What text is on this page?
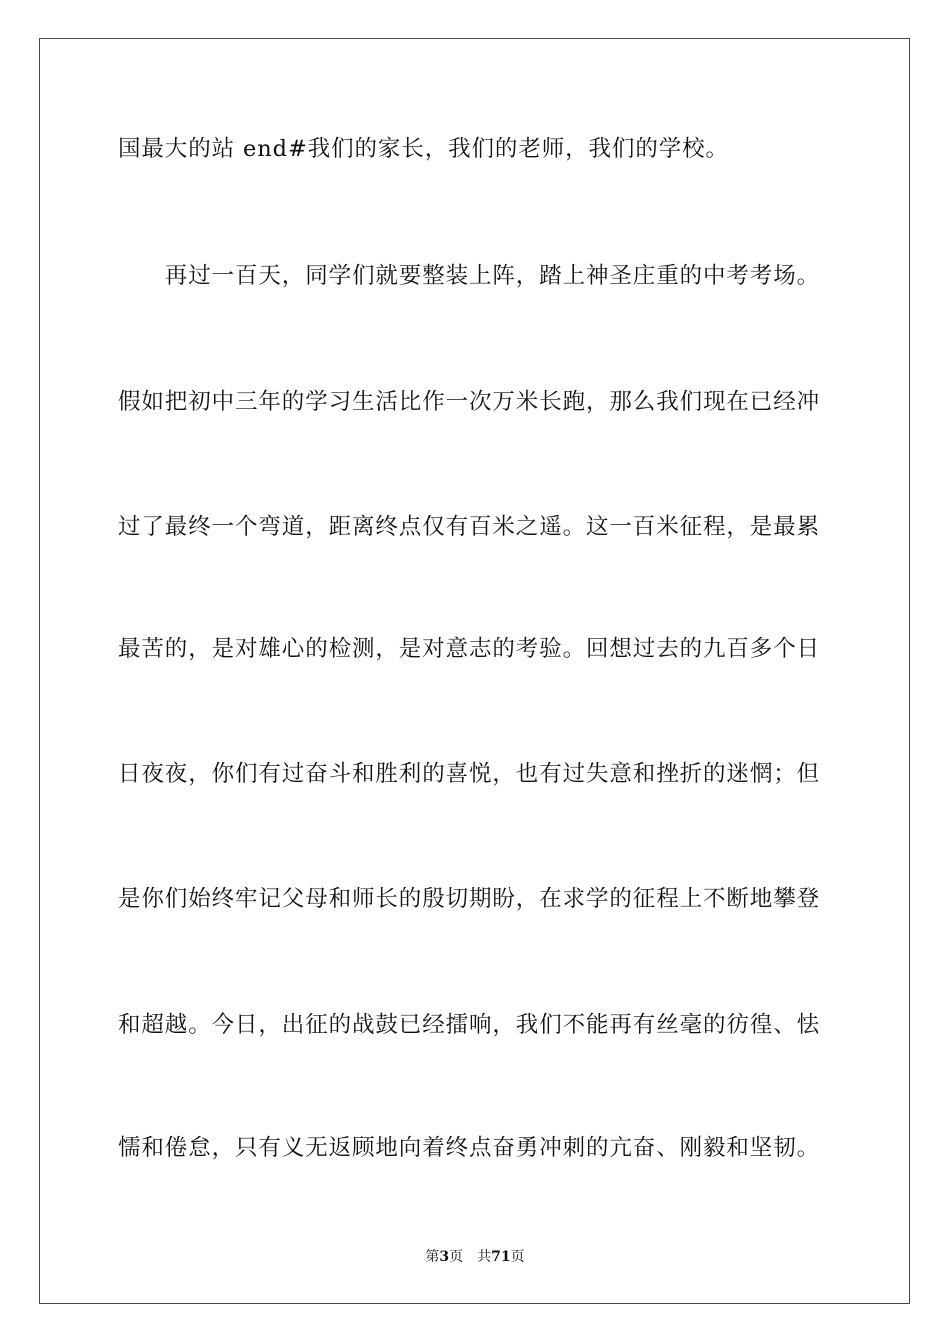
国最大的站 end#我们的家长，我们的老师，我们的学校。
　　再过一百天，同学们就要整装上阵，踏上神圣庄重的中考考场。
假如把初中三年的学习生活比作一次万米长跑，那么我们现在已经冲
过了最终一个弯道，距离终点仅有百米之遥。这一百米征程，是最累
最苦的，是对雄心的检测，是对意志的考验。回想过去的九百多个日
日夜夜，你们有过奋斗和胜利的喜悦，也有过失意和挫折的迷惘；但
是你们始终牢记父母和师长的殷切期盼，在求学的征程上不断地攀登
和超越。今日，出征的战鼓已经擂响，我们不能再有丝毫的彷徨、怯
懦和倦怠，只有义无返顾地向着终点奋勇冲刺的亢奋、刚毅和坚韧。
第3页 共71页
